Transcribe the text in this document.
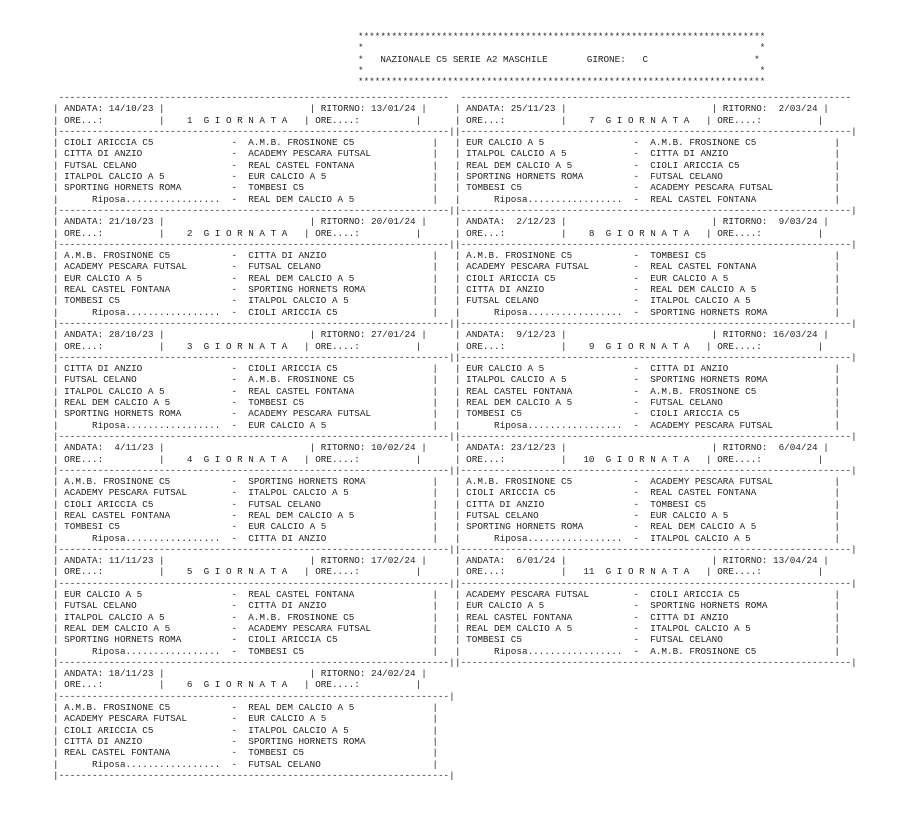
*************************************************************************
*                                                                       *
*   NAZIONALE C5 SERIE A2 MASCHILE       GIRONE:   C                   *
*                                                                       *
*************************************************************************
----------------------------------------------------------------------
| ANDATA: 14/10/23 |                          | RITORNO: 13/01/24 |
| ORE...:          |    1  G I O R N A T A   | ORE....:          |
|----------------------------------------------------------------------|
| CIOLI ARICCIA C5              -  A.M.B. FROSINONE C5              |
| CITTA DI ANZIO                -  ACADEMY PESCARA FUTSAL           |
| FUTSAL CELANO                 -  REAL CASTEL FONTANA              |
| ITALPOL CALCIO A 5            -  EUR CALCIO A 5                   |
| SPORTING HORNETS ROMA         -  TOMBESI C5                       |
|      Riposa.................  -  REAL DEM CALCIO A 5              |
|----------------------------------------------------------------------|
| ANDATA: 21/10/23 |                          | RITORNO: 20/01/24 |
| ORE...:          |    2  G I O R N A T A   | ORE....:          |
|----------------------------------------------------------------------|
| A.M.B. FROSINONE C5           -  CITTA DI ANZIO                   |
| ACADEMY PESCARA FUTSAL        -  FUTSAL CELANO                    |
| EUR CALCIO A 5                -  REAL DEM CALCIO A 5              |
| REAL CASTEL FONTANA           -  SPORTING HORNETS ROMA            |
| TOMBESI C5                    -  ITALPOL CALCIO A 5               |
|      Riposa.................  -  CIOLI ARICCIA C5                 |
|----------------------------------------------------------------------|
| ANDATA: 28/10/23 |                          | RITORNO: 27/01/24 |
| ORE...:          |    3  G I O R N A T A   | ORE....:          |
|----------------------------------------------------------------------|
| CITTA DI ANZIO                -  CIOLI ARICCIA C5                 |
| FUTSAL CELANO                 -  A.M.B. FROSINONE C5              |
| ITALPOL CALCIO A 5            -  REAL CASTEL FONTANA              |
| REAL DEM CALCIO A 5           -  TOMBESI C5                       |
| SPORTING HORNETS ROMA         -  ACADEMY PESCARA FUTSAL           |
|      Riposa.................  -  EUR CALCIO A 5                   |
|----------------------------------------------------------------------|
| ANDATA:  4/11/23 |                          | RITORNO: 10/02/24 |
| ORE...:          |    4  G I O R N A T A   | ORE....:          |
|----------------------------------------------------------------------|
| A.M.B. FROSINONE C5           -  SPORTING HORNETS ROMA            |
| ACADEMY PESCARA FUTSAL        -  ITALPOL CALCIO A 5               |
| CIOLI ARICCIA C5              -  FUTSAL CELANO                    |
| REAL CASTEL FONTANA           -  REAL DEM CALCIO A 5              |
| TOMBESI C5                    -  EUR CALCIO A 5                   |
|      Riposa.................  -  CITTA DI ANZIO                   |
|----------------------------------------------------------------------|
| ANDATA: 11/11/23 |                          | RITORNO: 17/02/24 |
| ORE...:          |    5  G I O R N A T A   | ORE....:          |
|----------------------------------------------------------------------|
| EUR CALCIO A 5                -  REAL CASTEL FONTANA              |
| FUTSAL CELANO                 -  CITTA DI ANZIO                   |
| ITALPOL CALCIO A 5            -  A.M.B. FROSINONE C5              |
| REAL DEM CALCIO A 5           -  ACADEMY PESCARA FUTSAL           |
| SPORTING HORNETS ROMA         -  CIOLI ARICCIA C5                 |
|      Riposa.................  -  TOMBESI C5                       |
|----------------------------------------------------------------------|
| ANDATA: 18/11/23 |                          | RITORNO: 24/02/24 |
| ORE...:          |    6  G I O R N A T A   | ORE....:          |
|----------------------------------------------------------------------|
| A.M.B. FROSINONE C5           -  REAL DEM CALCIO A 5              |
| ACADEMY PESCARA FUTSAL        -  EUR CALCIO A 5                   |
| CIOLI ARICCIA C5              -  ITALPOL CALCIO A 5               |
| CITTA DI ANZIO                -  SPORTING HORNETS ROMA            |
| REAL CASTEL FONTANA           -  TOMBESI C5                       |
|      Riposa.................  -  FUTSAL CELANO                    |
|----------------------------------------------------------------------|
----------------------------------------------------------------------
| ANDATA: 25/11/23 |                          | RITORNO:  2/03/24 |
| ORE...:          |    7  G I O R N A T A   | ORE....:          |
|----------------------------------------------------------------------|
| EUR CALCIO A 5                -  A.M.B. FROSINONE C5              |
| ITALPOL CALCIO A 5            -  CITTA DI ANZIO                   |
| REAL DEM CALCIO A 5           -  CIOLI ARICCIA C5                 |
| SPORTING HORNETS ROMA         -  FUTSAL CELANO                    |
| TOMBESI C5                    -  ACADEMY PESCARA FUTSAL           |
|      Riposa.................  -  REAL CASTEL FONTANA              |
|----------------------------------------------------------------------|
| ANDATA:  2/12/23 |                          | RITORNO:  9/03/24 |
| ORE...:          |    8  G I O R N A T A   | ORE....:          |
|----------------------------------------------------------------------|
| A.M.B. FROSINONE C5           -  TOMBESI C5                       |
| ACADEMY PESCARA FUTSAL        -  REAL CASTEL FONTANA              |
| CIOLI ARICCIA C5              -  EUR CALCIO A 5                   |
| CITTA DI ANZIO                -  REAL DEM CALCIO A 5              |
| FUTSAL CELANO                 -  ITALPOL CALCIO A 5               |
|      Riposa.................  -  SPORTING HORNETS ROMA            |
|----------------------------------------------------------------------|
| ANDATA:  9/12/23 |                          | RITORNO: 16/03/24 |
| ORE...:          |    9  G I O R N A T A   | ORE....:          |
|----------------------------------------------------------------------|
| EUR CALCIO A 5                -  CITTA DI ANZIO                   |
| ITALPOL CALCIO A 5            -  SPORTING HORNETS ROMA            |
| REAL CASTEL FONTANA           -  A.M.B. FROSINONE C5              |
| REAL DEM CALCIO A 5           -  FUTSAL CELANO                    |
| TOMBESI C5                    -  CIOLI ARICCIA C5                 |
|      Riposa.................  -  ACADEMY PESCARA FUTSAL           |
|----------------------------------------------------------------------|
| ANDATA: 23/12/23 |                          | RITORNO:  6/04/24 |
| ORE...:          |   10  G I O R N A T A   | ORE....:          |
|----------------------------------------------------------------------|
| A.M.B. FROSINONE C5           -  ACADEMY PESCARA FUTSAL           |
| CIOLI ARICCIA C5              -  REAL CASTEL FONTANA              |
| CITTA DI ANZIO                -  TOMBESI C5                       |
| FUTSAL CELANO                 -  EUR CALCIO A 5                   |
| SPORTING HORNETS ROMA         -  REAL DEM CALCIO A 5              |
|      Riposa.................  -  ITALPOL CALCIO A 5               |
|----------------------------------------------------------------------|
| ANDATA:  6/01/24 |                          | RITORNO: 13/04/24 |
| ORE...:          |   11  G I O R N A T A   | ORE....:          |
|----------------------------------------------------------------------|
| ACADEMY PESCARA FUTSAL        -  CIOLI ARICCIA C5                 |
| EUR CALCIO A 5                -  SPORTING HORNETS ROMA            |
| REAL CASTEL FONTANA           -  CITTA DI ANZIO                   |
| REAL DEM CALCIO A 5           -  ITALPOL CALCIO A 5               |
| TOMBESI C5                    -  FUTSAL CELANO                    |
|      Riposa.................  -  A.M.B. FROSINONE C5              |
|----------------------------------------------------------------------|
